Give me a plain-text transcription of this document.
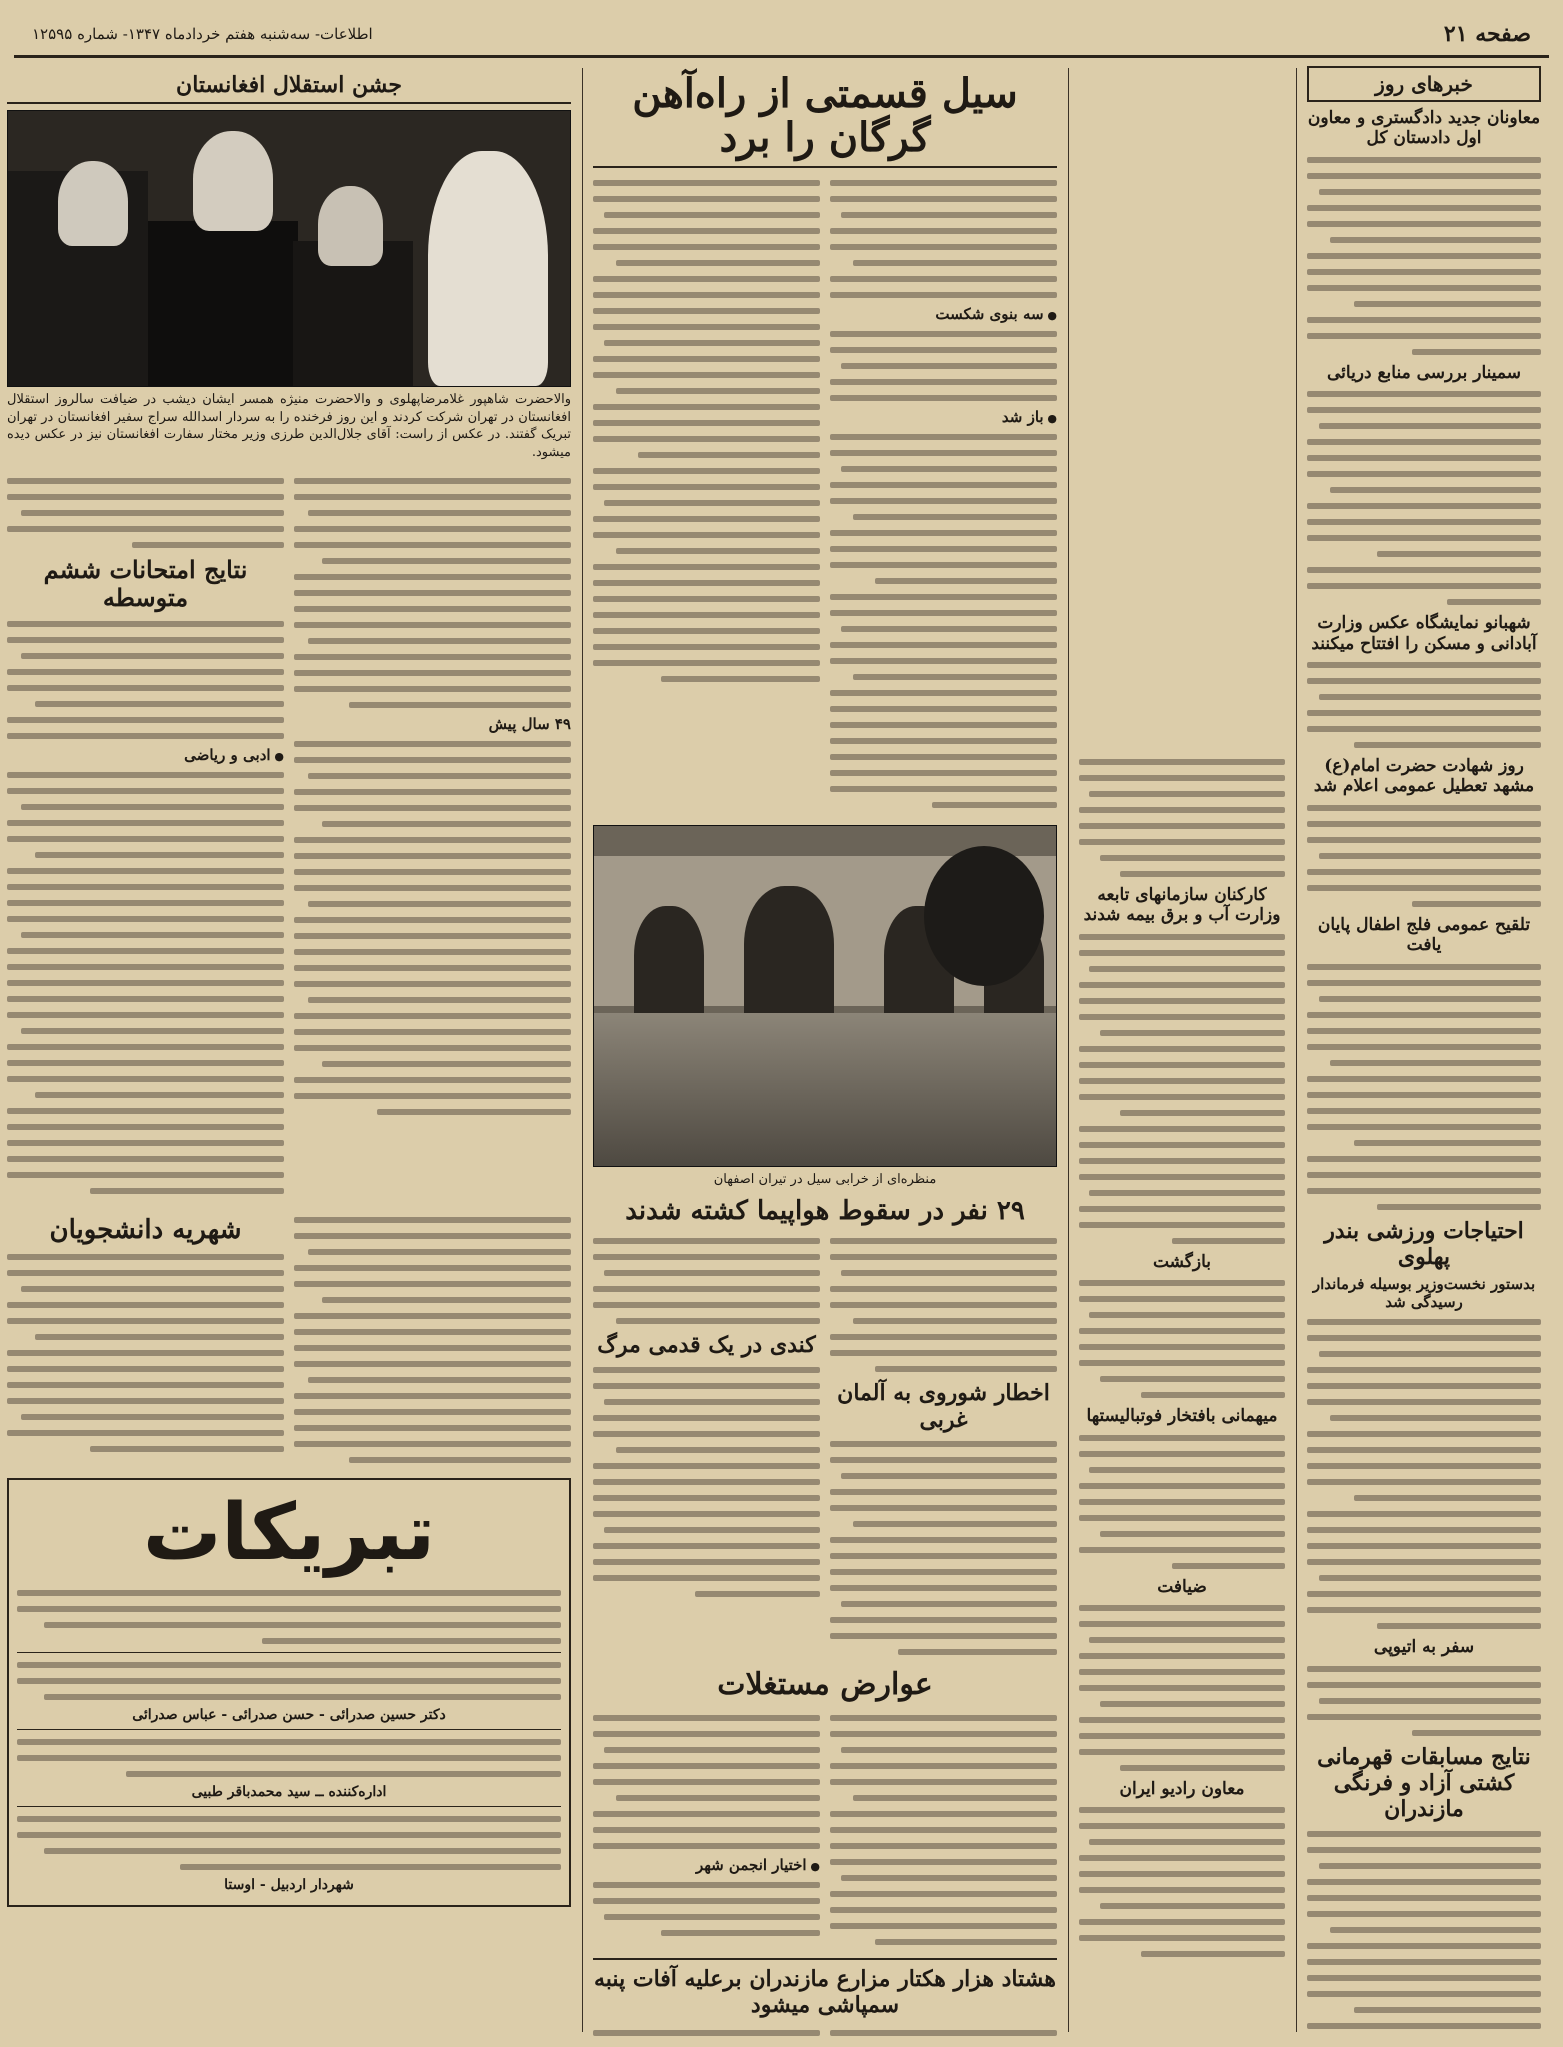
صفحه ۲۱
اطلاعات- سه‌شنبه هفتم خردادماه ۱۳۴۷- شماره ۱۲۵۹۵
خبرهای روز
معاونان جدید دادگستری و معاون اول دادستان کل
سمینار بررسی منابع دریائی
شهبانو نمایشگاه عکس وزارت آبادانی و مسکن را افتتاح میکنند
روز شهادت حضرت امام(ع) مشهد تعطیل عمومی اعلام شد
تلقیح عمومی فلج اطفال پایان یافت
احتیاجات ورزشی بندر پهلوی
بدستور نخست‌وزیر بوسیله فرماندار رسیدگی شد
سفر به اتیوپی
نتایج مسابقات قهرمانی کشتی آزاد و فرنگی مازندران
کارکنان سازمانهای تابعه وزارت آب و برق بیمه شدند
بازگشت
میهمانی بافتخار فوتبالیستها
ضیافت
معاون رادیو ایران
سیل قسمتی از راه‌آهن گرگان را برد
● سه بنوی شکست
● باز شد
منظره‌ای از خرابی سیل در تیران اصفهان
۲۹ نفر در سقوط هواپیما کشته شدند
اخطار شوروی به آلمان غربی
کندی در یک قدمی مرگ
عوارض مستغلات
● اختیار انجمن شهر
هشتاد هزار هکتار مزارع مازندران برعلیه آفات پنبه سمپاشی میشود
جشن استقلال افغانستان
والاحضرت شاهپور غلامرضا‌پهلوی و والاحضرت منیژه همسر ایشان دیشب در ضیافت سالروز استقلال افغانستان در تهران شرکت کردند و این روز فرخنده را به سردار اسدالله سراج سفیر افغانستان در تهران تبریک گفتند. در عکس از راست: آقای جلال‌الدین طرزی وزیر مختار سفارت افغانستان نیز در عکس دیده میشود.
۴۹ سال پیش
نتایج امتحانات ششم متوسطه
● ادبی و ریاضی
شهریه دانشجویان
تبریکات
دکتر حسین صدرائی - حسن صدرائی - عباس صدرائی
اداره‌کننده ــ سید محمدباقر طبیی
شهردار اردبیل - اوستا
